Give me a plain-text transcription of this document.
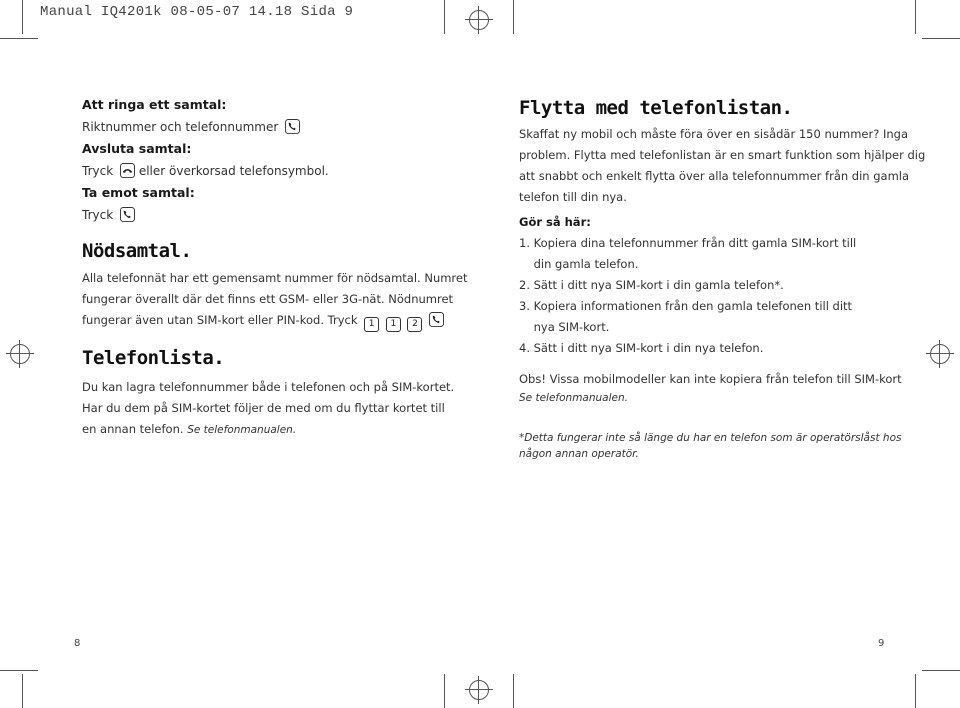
Manual IQ4201k 08-05-07 14.18 Sida 9
Att ringa ett samtal:
Riktnummer och telefonnummer
Avsluta samtal:
Tryck eller överkorsad telefonsymbol.
Ta emot samtal:
Tryck
Nödsamtal.
Alla telefonnät har ett gemensamt nummer för nödsamtal. Numret
fungerar överallt där det finns ett GSM- eller 3G-nät. Nödnumret
fungerar även utan SIM-kort eller PIN-kod. Tryck 1 1 2
Telefonlista.
Du kan lagra telefonnummer både i telefonen och på SIM-kortet.
Har du dem på SIM-kortet följer de med om du flyttar kortet till
en annan telefon. Se telefonmanualen.
8
Flytta med telefonlistan.
Skaffat ny mobil och måste föra över en sisådär 150 nummer? Inga
problem. Flytta med telefonlistan är en smart funktion som hjälper dig
att snabbt och enkelt flytta över alla telefonnummer från din gamla
telefon till din nya.
Gör så här:
1. Kopiera dina telefonnummer från ditt gamla SIM-kort till
din gamla telefon.
2. Sätt i ditt nya SIM-kort i din gamla telefon*.
3. Kopiera informationen från den gamla telefonen till ditt
nya SIM-kort.
4. Sätt i ditt nya SIM-kort i din nya telefon.
Obs! Vissa mobilmodeller kan inte kopiera från telefon till SIM-kort
Se telefonmanualen.
*Detta fungerar inte så länge du har en telefon som är operatörslåst hos
någon annan operatör.
9
